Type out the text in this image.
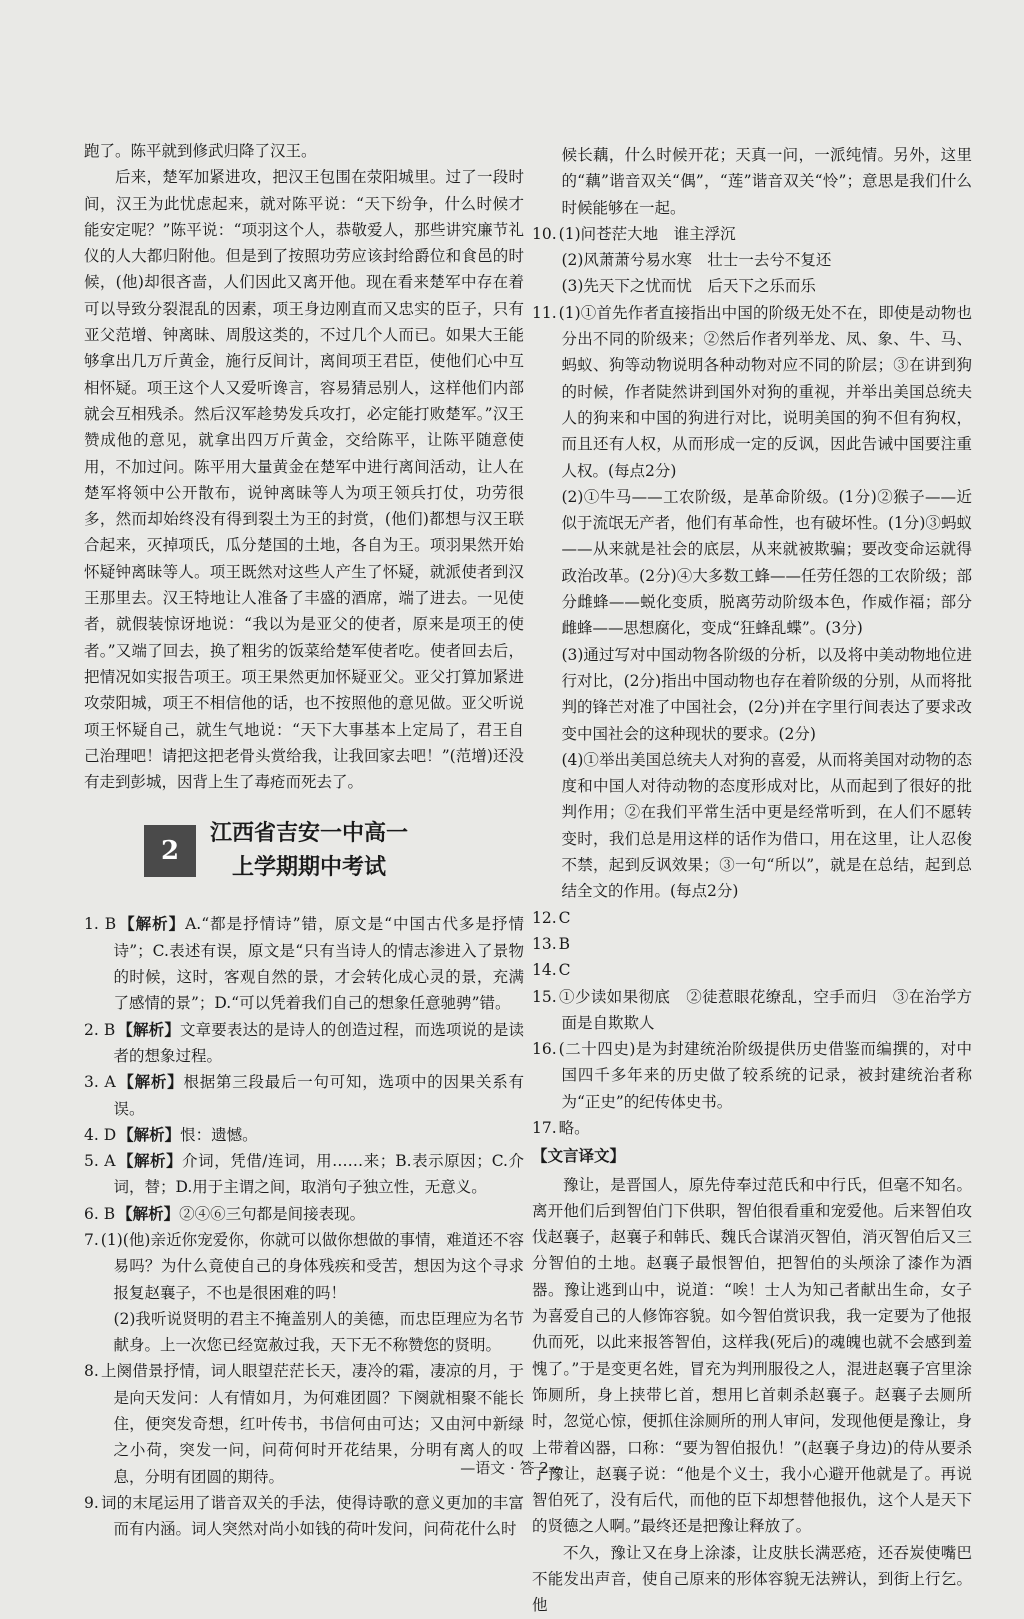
跑了。陈平就到修武归降了汉王。

后来，楚军加紧进攻，把汉王包围在荥阳城里。过了一段时间，汉王为此忧虑起来，就对陈平说：“天下纷争，什么时候才能安定呢？”陈平说：“项羽这个人，恭敬爱人，那些讲究廉节礼仪的人大都归附他。但是到了按照功劳应该封给爵位和食邑的时候，(他)却很吝啬，人们因此又离开他。现在看来楚军中存在着可以导致分裂混乱的因素，项王身边刚直而又忠实的臣子，只有亚父范增、钟离昧、周殷这类的，不过几个人而已。如果大王能够拿出几万斤黄金，施行反间计，离间项王君臣，使他们心中互相怀疑。项王这个人又爱听谗言，容易猜忌别人，这样他们内部就会互相残杀。然后汉军趁势发兵攻打，必定能打败楚军。”汉王赞成他的意见，就拿出四万斤黄金，交给陈平，让陈平随意使用，不加过问。陈平用大量黄金在楚军中进行离间活动，让人在楚军将领中公开散布，说钟离昧等人为项王领兵打仗，功劳很多，然而却始终没有得到裂土为王的封赏，(他们)都想与汉王联合起来，灭掉项氏，瓜分楚国的土地，各自为王。项羽果然开始怀疑钟离昧等人。项王既然对这些人产生了怀疑，就派使者到汉王那里去。汉王特地让人准备了丰盛的酒席，端了进去。一见使者，就假装惊讶地说：“我以为是亚父的使者，原来是项王的使者。”又端了回去，换了粗劣的饭菜给楚军使者吃。使者回去后，把情况如实报告项王。项王果然更加怀疑亚父。亚父打算加紧进攻荥阳城，项王不相信他的话，也不按照他的意见做。亚父听说项王怀疑自己，就生气地说：“天下大事基本上定局了，君王自己治理吧！请把这把老骨头赏给我，让我回家去吧！”(范增)还没有走到彭城，因背上生了毒疮而死去了。

2
江西省吉安一中高一
上学期期中考试

1. B 【解析】A.“都是抒情诗”错，原文是“中国古代多是抒情诗”；C.表述有误，原文是“只有当诗人的情志渗进入了景物的时候，这时，客观自然的景，才会转化成心灵的景，充满了感情的景”；D.“可以凭着我们自己的想象任意驰骋”错。

2. B 【解析】文章要表达的是诗人的创造过程，而选项说的是读者的想象过程。

3. A 【解析】根据第三段最后一句可知，选项中的因果关系有误。

4. D 【解析】恨：遗憾。

5. A 【解析】介词，凭借/连词，用……来；B.表示原因；C.介词，替；D.用于主谓之间，取消句子独立性，无意义。

6. B 【解析】②④⑥三句都是间接表现。

7. (1)(他)亲近你宠爱你，你就可以做你想做的事情，难道还不容易吗？为什么竟使自己的身体残疾和受苦，想因为这个寻求报复赵襄子，不也是很困难的吗！

(2)我听说贤明的君主不掩盖别人的美德，而忠臣理应为名节献身。上一次您已经宽赦过我，天下无不称赞您的贤明。

8. 上阕借景抒情，词人眼望茫茫长天，凄冷的霜，凄凉的月，于是向天发问：人有情如月，为何难团圆？下阕就相聚不能长住，便突发奇想，红叶传书，书信何由可达；又由河中新绿之小荷，突发一问，问荷何时开花结果，分明有离人的叹息，分明有团圆的期待。

9. 词的末尾运用了谐音双关的手法，使得诗歌的意义更加的丰富而有内涵。词人突然对尚小如钱的荷叶发问，问荷花什么时

候长藕，什么时候开花；天真一问，一派纯情。另外，这里的“藕”谐音双关“偶”，“莲”谐音双关“怜”；意思是我们什么时候能够在一起。

10. (1)问苍茫大地　谁主浮沉

(2)风萧萧兮易水寒　壮士一去兮不复还

(3)先天下之忧而忧　后天下之乐而乐

11. (1)①首先作者直接指出中国的阶级无处不在，即使是动物也分出不同的阶级来；②然后作者列举龙、凤、象、牛、马、蚂蚁、狗等动物说明各种动物对应不同的阶层；③在讲到狗的时候，作者陡然讲到国外对狗的重视，并举出美国总统夫人的狗来和中国的狗进行对比，说明美国的狗不但有狗权，而且还有人权，从而形成一定的反讽，因此告诫中国要注重人权。(每点2分)

(2)①牛马——工农阶级，是革命阶级。(1分)②猴子——近似于流氓无产者，他们有革命性，也有破坏性。(1分)③蚂蚁——从来就是社会的底层，从来就被欺骗；要改变命运就得政治改革。(2分)④大多数工蜂——任劳任怨的工农阶级；部分雌蜂——蜕化变质，脱离劳动阶级本色，作威作福；部分雌蜂——思想腐化，变成“狂蜂乱蝶”。(3分)

(3)通过写对中国动物各阶级的分析，以及将中美动物地位进行对比，(2分)指出中国动物也存在着阶级的分别，从而将批判的锋芒对准了中国社会，(2分)并在字里行间表达了要求改变中国社会的这种现状的要求。(2分)

(4)①举出美国总统夫人对狗的喜爱，从而将美国对动物的态度和中国人对待动物的态度形成对比，从而起到了很好的批判作用；②在我们平常生活中更是经常听到，在人们不愿转变时，我们总是用这样的话作为借口，用在这里，让人忍俊不禁，起到反讽效果；③一句“所以”，就是在总结，起到总结全文的作用。(每点2分)

12. C

13. B

14. C

15. ①少读如果彻底　②徒惹眼花缭乱，空手而归　③在治学方面是自欺欺人

16. (二十四史)是为封建统治阶级提供历史借鉴而编撰的，对中国四千多年来的历史做了较系统的记录，被封建统治者称为“正史”的纪传体史书。

17. 略。

【文言译文】

豫让，是晋国人，原先侍奉过范氏和中行氏，但毫不知名。离开他们后到智伯门下供职，智伯很看重和宠爱他。后来智伯攻伐赵襄子，赵襄子和韩氏、魏氏合谋消灭智伯，消灭智伯后又三分智伯的土地。赵襄子最恨智伯，把智伯的头颅涂了漆作为酒器。豫让逃到山中，说道：“唉！士人为知己者献出生命，女子为喜爱自己的人修饰容貌。如今智伯赏识我，我一定要为了他报仇而死，以此来报答智伯，这样我(死后)的魂魄也就不会感到羞愧了。”于是变更名姓，冒充为判刑服役之人，混进赵襄子宫里涂饰厕所，身上挟带匕首，想用匕首刺杀赵襄子。赵襄子去厕所时，忽觉心惊，便抓住涂厕所的刑人审问，发现他便是豫让，身上带着凶器，口称：“要为智伯报仇！”(赵襄子身边)的侍从要杀了豫让，赵襄子说：“他是个义士，我小心避开他就是了。再说智伯死了，没有后代，而他的臣下却想替他报仇，这个人是天下的贤德之人啊。”最终还是把豫让释放了。

不久，豫让又在身上涂漆，让皮肤长满恶疮，还吞炭使嘴巴不能发出声音，使自己原来的形体容貌无法辨认，到街上行乞。他

—语文 · 答 2—
